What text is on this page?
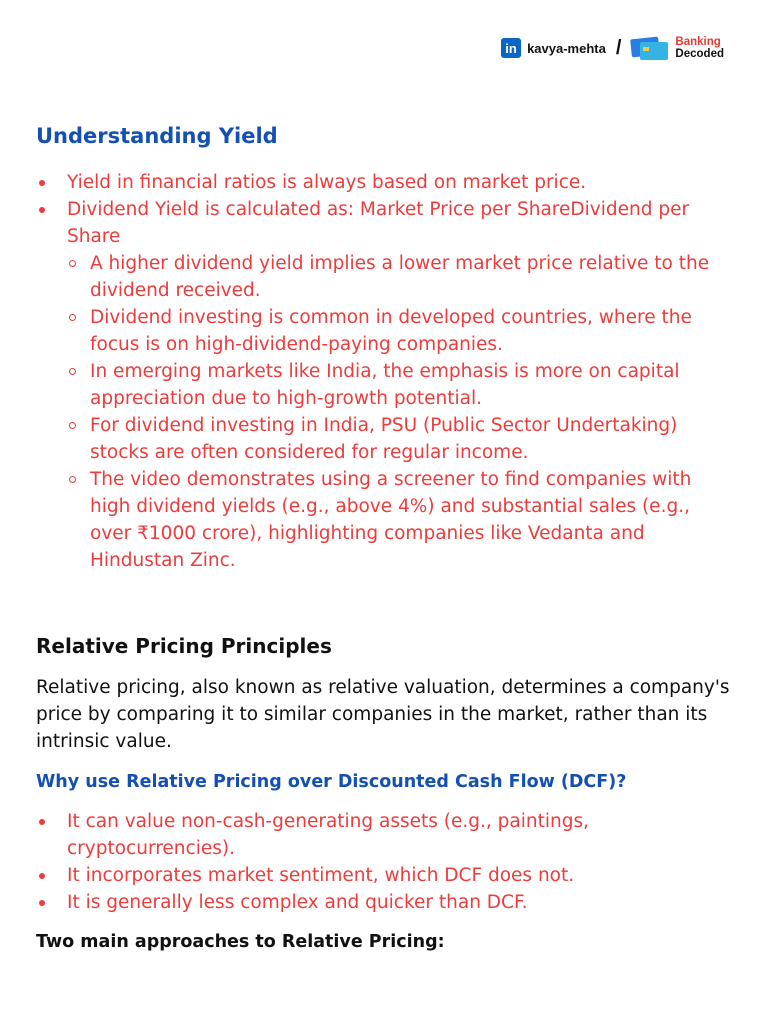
in kavya-mehta /	Banking
Decoded
Understanding Yield
Yield in financial ratios is always based on market price.
Dividend Yield is calculated as: Market Price per ShareDividend per Share
A higher dividend yield implies a lower market price relative to the dividend received.
Dividend investing is common in developed countries, where the focus is on high-dividend-paying companies.
In emerging markets like India, the emphasis is more on capital appreciation due to high-growth potential.
For dividend investing in India, PSU (Public Sector Undertaking) stocks are often considered for regular income.
The video demonstrates using a screener to find companies with high dividend yields (e.g., above 4%) and substantial sales (e.g., over ₹1000 crore), highlighting companies like Vedanta and Hindustan Zinc.
Relative Pricing Principles

Relative pricing, also known as relative valuation, determines a company's price by comparing it to similar companies in the market, rather than its intrinsic value.

Why use Relative Pricing over Discounted Cash Flow (DCF)?
It can value non-cash-generating assets (e.g., paintings, cryptocurrencies).
It incorporates market sentiment, which DCF does not.
It is generally less complex and quicker than DCF.
Two main approaches to Relative Pricing:
